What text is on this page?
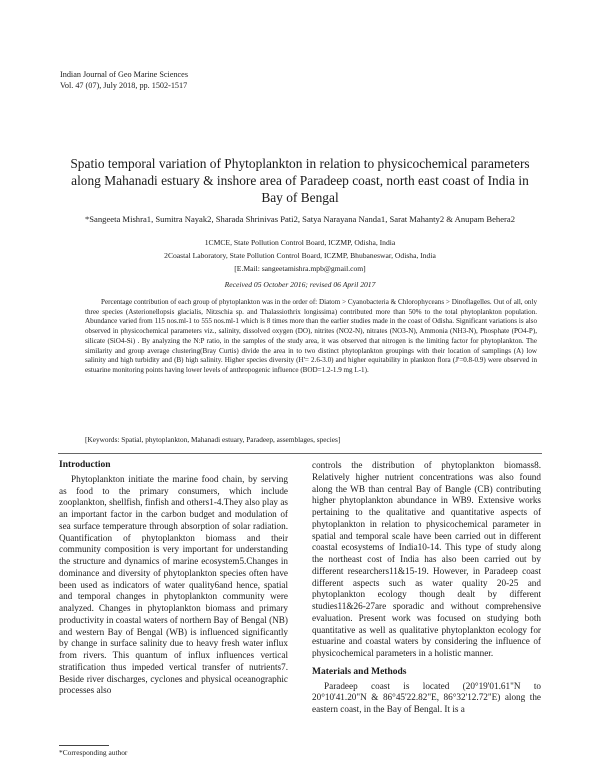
Indian Journal of Geo Marine Sciences
Vol. 47 (07), July 2018, pp. 1502-1517
Spatio temporal variation of Phytoplankton in relation to physicochemical parameters along Mahanadi estuary & inshore area of Paradeep coast, north east coast of India in Bay of Bengal
*Sangeeta Mishra1, Sumitra Nayak2, Sharada Shrinivas Pati2, Satya Narayana Nanda1, Sarat Mahanty2 & Anupam Behera2
1CMCE, State Pollution Control Board, ICZMP, Odisha, India
2Coastal Laboratory, State Pollution Control Board, ICZMP, Bhubaneswar, Odisha, India
[E.Mail: sangeetamishra.mpb@gmail.com]
Received 05 October 2016; revised 06 April 2017
Percentage contribution of each group of phytoplankton was in the order of: Diatom > Cyanobacteria & Chlorophyceans > Dinoflagelles. Out of all, only three species (Asterionellopsis glacialis, Nitzschia sp. and Thalassiothrix longissima) contributed more than 50% to the total phytoplankton population. Abundance varied from 115 nos.ml-1 to 555 nos.ml-1 which is 8 times more than the earlier studies made in the coast of Odisha. Significant variations is also observed in physicochemical parameters viz., salinity, dissolved oxygen (DO), nitrites (NO2-N), nitrates (NO3-N), Ammonia (NH3-N), Phosphate (PO4-P), silicate (SiO4-Si) . By analyzing the N:P ratio, in the samples of the study area, it was observed that nitrogen is the limiting factor for phytoplankton. The similarity and group average clustering(Bray Curtis) divide the area in to two distinct phytoplankton groupings with their location of samplings (A) low salinity and high turbidity and (B) high salinity. Higher species diversity (H'= 2.6-3.0) and higher equitability in plankton flora (J'=0.8-0.9) were observed in estuarine monitoring points having lower levels of anthropogenic influence (BOD=1.2-1.9 mg L-1).
[Keywords: Spatial, phytoplankton, Mahanadi estuary, Paradeep, assemblages, species]
Introduction

Phytoplankton initiate the marine food chain, by serving as food to the primary consumers, which include zooplankton, shellfish, finfish and others1-4.They also play as an important factor in the carbon budget and modulation of sea surface temperature through absorption of solar radiation. Quantification of phytoplankton biomass and their community composition is very important for understanding the structure and dynamics of marine ecosystem5.Changes in dominance and diversity of phytoplankton species often have been used as indicators of water quality6and hence, spatial and temporal changes in phytoplankton community were analyzed. Changes in phytoplankton biomass and primary productivity in coastal waters of northern Bay of Bengal (NB) and western Bay of Bengal (WB) is influenced significantly by change in surface salinity due to heavy fresh water influx from rivers. This quantum of influx influences vertical stratification thus impeded vertical transfer of nutrients7. Beside river discharges, cyclones and physical oceanographic processes also

controls the distribution of phytoplankton biomass8. Relatively higher nutrient concentrations was also found along the WB than central Bay of Bangle (CB) contributing higher phytoplankton abundance in WB9. Extensive works pertaining to the qualitative and quantitative aspects of phytoplankton in relation to physicochemical parameter in spatial and temporal scale have been carried out in different coastal ecosystems of India10-14. This type of study along the northeast cost of India has also been carried out by different researchers11&15-19. However, in Paradeep coast different aspects such as water quality 20-25 and phytoplankton ecology though dealt by different studies11&26-27are sporadic and without comprehensive evaluation. Present work was focused on studying both quantitative as well as qualitative phytoplankton ecology for estuarine and coastal waters by considering the influence of physicochemical parameters in a holistic manner.

Materials and Methods

Paradeep coast is located (20°19'01.61"N to 20°10'41.20"N & 86°45'22.82"E, 86°32'12.72"E) along the eastern coast, in the Bay of Bengal. It is a

*Corresponding author
